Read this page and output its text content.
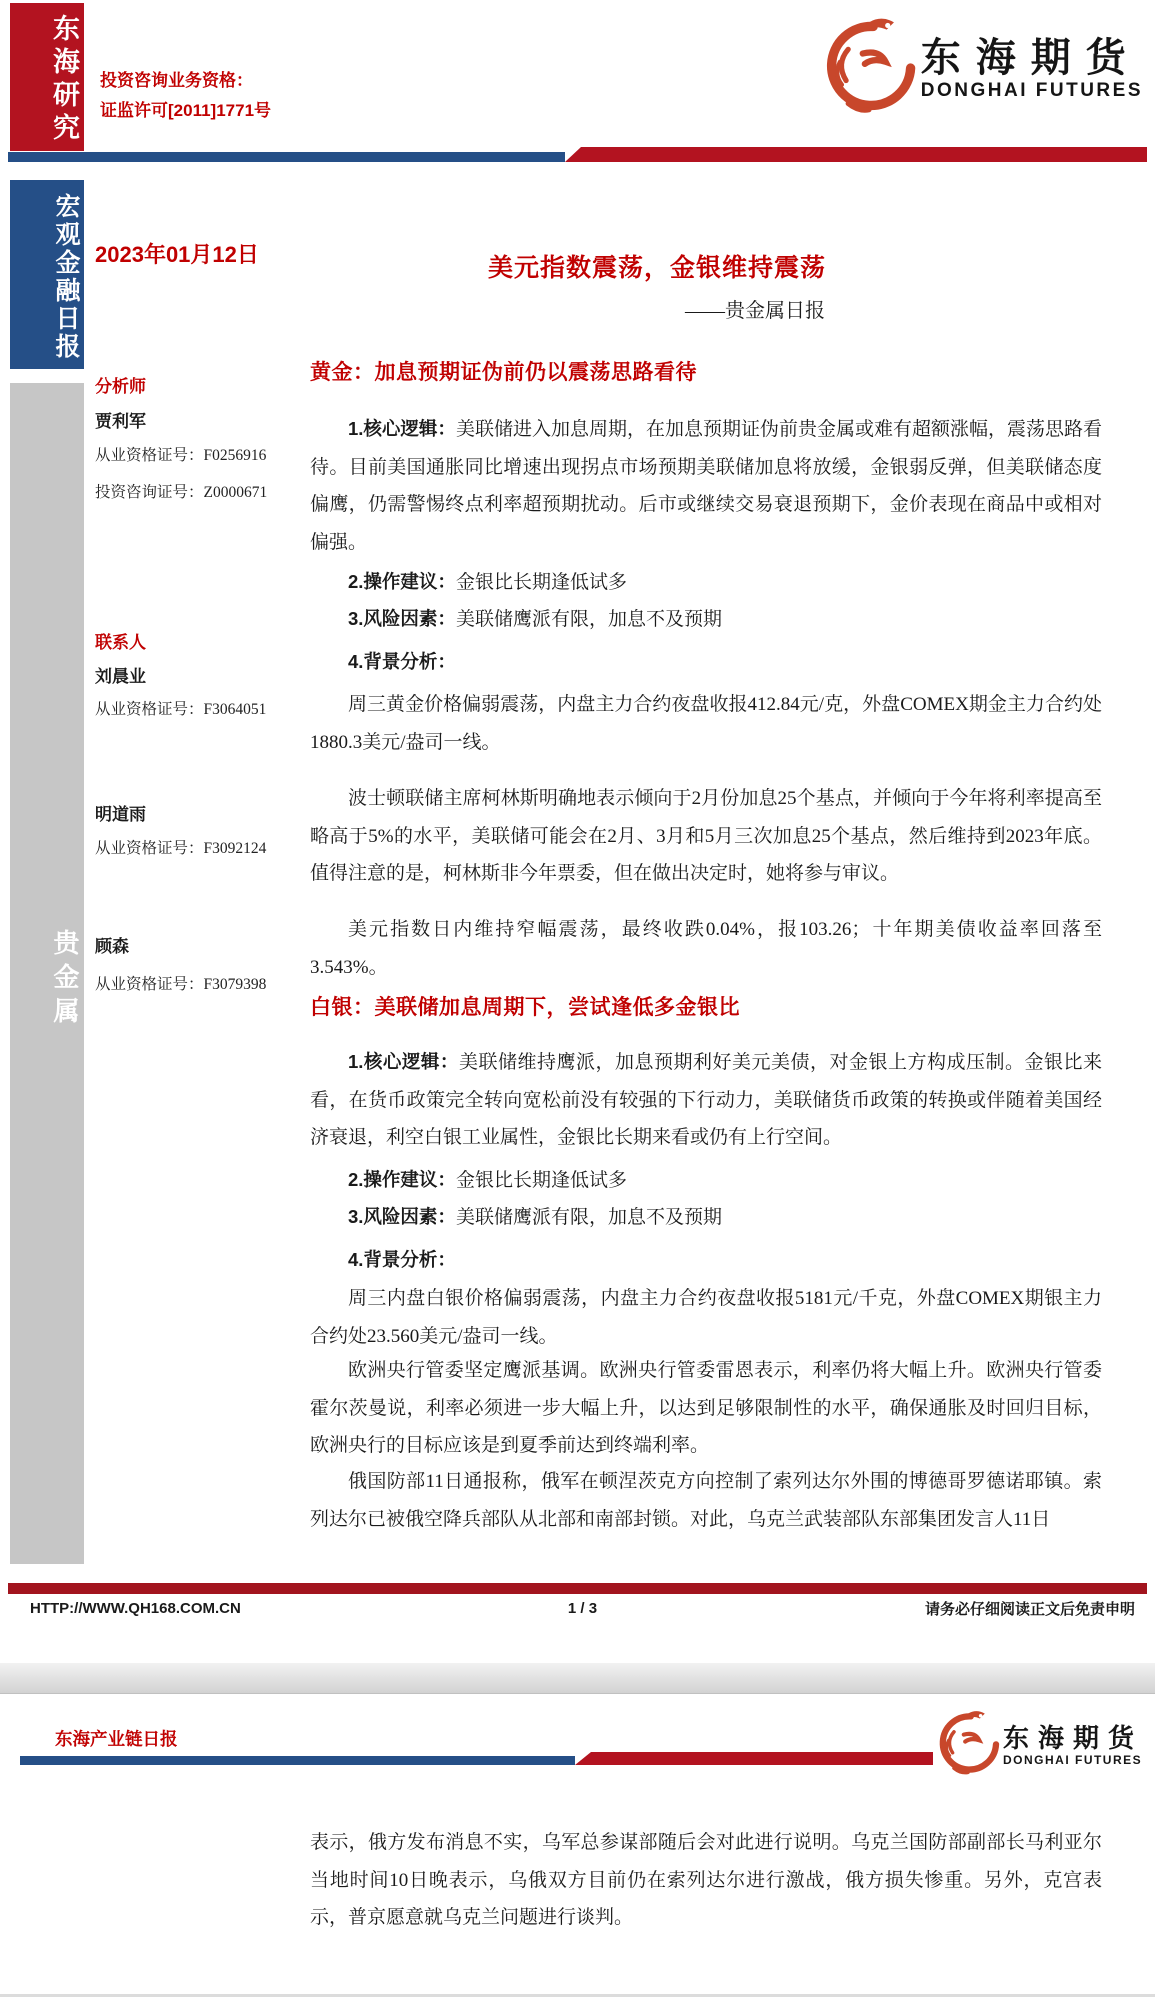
东海研究 投资咨询业务资格：
证监许可[2011]1771号
东海期货
DONGHAI FUTURES
宏观金融日报
贵金属
2023年01月12日	美元指数震荡，金银维持震荡
——贵金属日报
分析师
贾利军
从业资格证号：F0256916
投资咨询证号：Z0000671
联系人
刘晨业
从业资格证号：F3064051
明道雨
从业资格证号：F3092124
顾森
从业资格证号：F3079398
黄金：加息预期证伪前仍以震荡思路看待

1.核心逻辑：美联储进入加息周期，在加息预期证伪前贵金属或难有超额涨幅，震荡思路看待。目前美国通胀同比增速出现拐点市场预期美联储加息将放缓，金银弱反弹，但美联储态度偏鹰，仍需警惕终点利率超预期扰动。后市或继续交易衰退预期下，金价表现在商品中或相对偏强。

2.操作建议：金银比长期逢低试多

3.风险因素：美联储鹰派有限，加息不及预期

4.背景分析：

周三黄金价格偏弱震荡，内盘主力合约夜盘收报412.84元/克，外盘COMEX期金主力合约处1880.3美元/盎司一线。

波士顿联储主席柯林斯明确地表示倾向于2月份加息25个基点，并倾向于今年将利率提高至略高于5%的水平，美联储可能会在2月、3月和5月三次加息25个基点，然后维持到2023年底。值得注意的是，柯林斯非今年票委，但在做出决定时，她将参与审议。

美元指数日内维持窄幅震荡，最终收跌0.04%，报103.26；十年期美债收益率回落至3.543%。

白银：美联储加息周期下，尝试逢低多金银比

1.核心逻辑：美联储维持鹰派，加息预期利好美元美债，对金银上方构成压制。金银比来看，在货币政策完全转向宽松前没有较强的下行动力，美联储货币政策的转换或伴随着美国经济衰退，利空白银工业属性，金银比长期来看或仍有上行空间。

2.操作建议：金银比长期逢低试多

3.风险因素：美联储鹰派有限，加息不及预期

4.背景分析：

周三内盘白银价格偏弱震荡，内盘主力合约夜盘收报5181元/千克，外盘COMEX期银主力合约处23.560美元/盎司一线。

欧洲央行管委坚定鹰派基调。欧洲央行管委雷恩表示，利率仍将大幅上升。欧洲央行管委霍尔茨曼说，利率必须进一步大幅上升，以达到足够限制性的水平，确保通胀及时回归目标，欧洲央行的目标应该是到夏季前达到终端利率。

俄国防部11日通报称，俄军在顿涅茨克方向控制了索列达尔外围的博德哥罗德诺耶镇。索列达尔已被俄空降兵部队从北部和南部封锁。对此，乌克兰武装部队东部集团发言人11日

HTTP://WWW.QH168.COM.CN	1 / 3	请务必仔细阅读正文后免责申明
东海产业链日报	东海期货
DONGHAI FUTURES

表示，俄方发布消息不实，乌军总参谋部随后会对此进行说明。乌克兰国防部副部长马利亚尔当地时间10日晚表示，乌俄双方目前仍在索列达尔进行激战，俄方损失惨重。另外，克宫表示，普京愿意就乌克兰问题进行谈判。
